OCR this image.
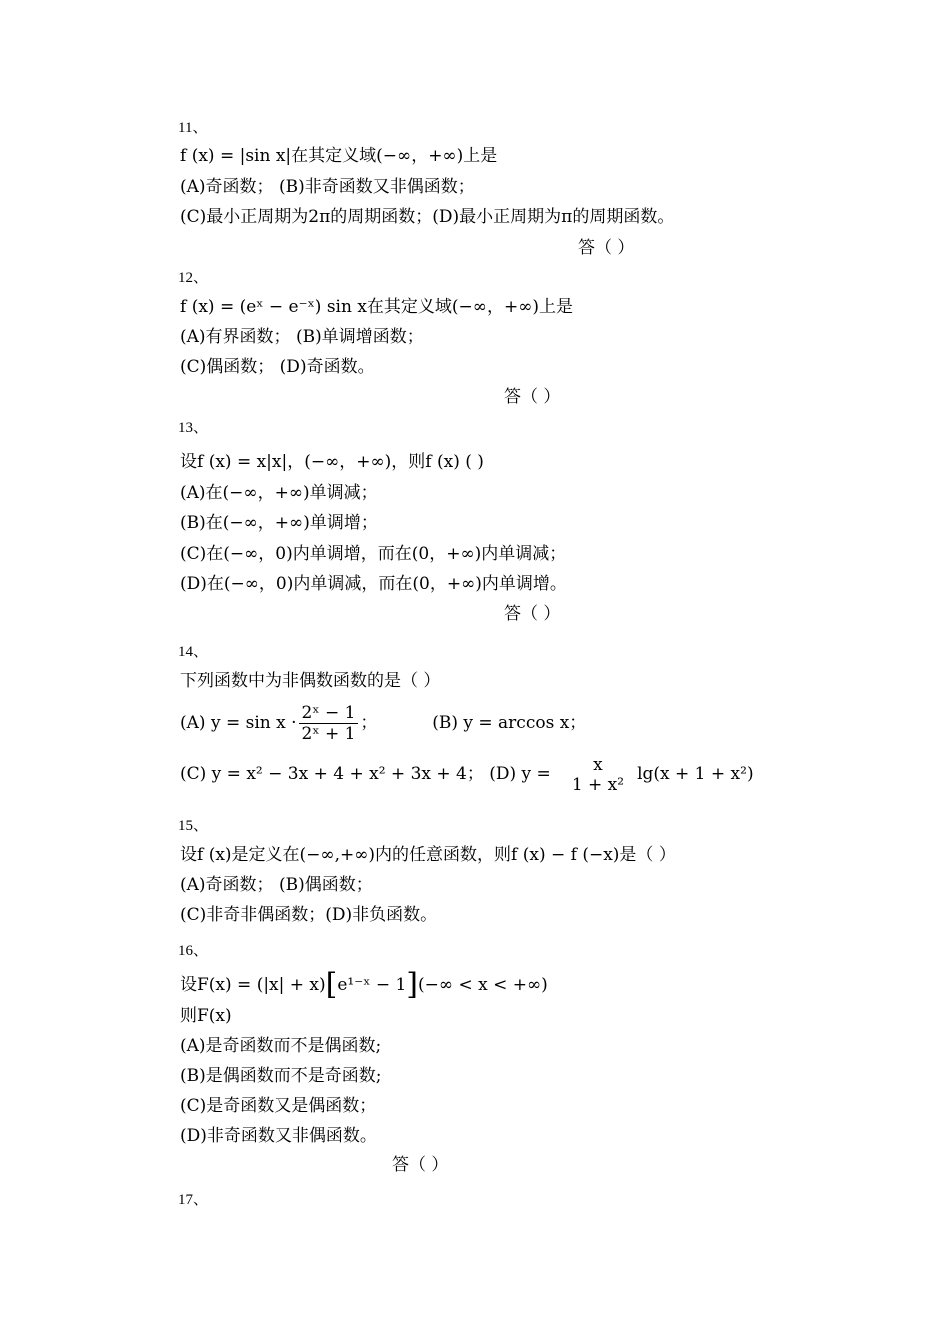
11、
f (x) = |sin x|在其定义域(−∞，+∞)上是
(A)奇函数； (B)非奇函数又非偶函数；
(C)最小正周期为2π的周期函数；(D)最小正周期为π的周期函数。
答（ ）
12、
f (x) = (eˣ − e⁻ˣ) sin x在其定义域(−∞，+∞)上是
(A)有界函数； (B)单调增函数；
(C)偶函数； (D)奇函数。
答（ ）
13、
设f (x) = x|x|，(−∞，+∞)，则f (x) ( )
(A)在(−∞，+∞)单调减；
(B)在(−∞，+∞)单调增；
(C)在(−∞，0)内单调增，而在(0，+∞)内单调减；
(D)在(−∞，0)内单调减，而在(0，+∞)内单调增。
答（ ）
14、
下列函数中为非偶数函数的是（ ）
(A) $y = \sin x \cdot \frac{\text{2ˣ − 1}}{\text{2ˣ + 1}}$ ；	(B) y = arccos x；
(C) y = x² − 3x + 4 + x² + 3x + 4； (D) y =	x
1 + x²
lg(x + 1 + x²)
15、
设f (x)是定义在(−∞,+∞)内的任意函数，则f (x) − f (−x)是（ ）
(A)奇函数； (B)偶函数；
(C)非奇非偶函数；(D)非负函数。
16、
设F(x) = (|x| + x)[e¹⁻ˣ − 1](−∞ < x < +∞)
则F(x)
(A)是奇函数而不是偶函数;
(B)是偶函数而不是奇函数;
(C)是奇函数又是偶函数；
(D)非奇函数又非偶函数。
答（ ）
17、
